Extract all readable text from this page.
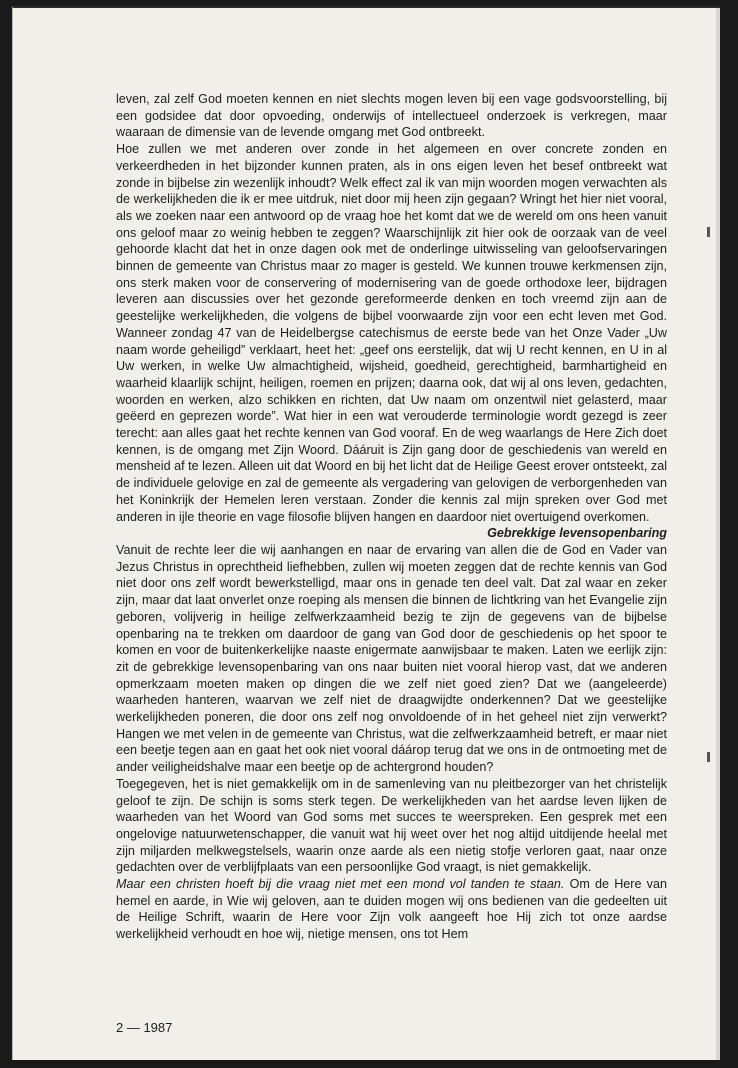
leven, zal zelf God moeten kennen en niet slechts mogen leven bij een vage godsvoorstelling, bij een godsidee dat door opvoeding, onderwijs of intellectueel onderzoek is verkregen, maar waaraan de dimensie van de levende omgang met God ontbreekt.

Hoe zullen we met anderen over zonde in het algemeen en over concrete zonden en verkeerdheden in het bijzonder kunnen praten, als in ons eigen leven het besef ontbreekt wat zonde in bijbelse zin wezenlijk inhoudt? Welk effect zal ik van mijn woorden mogen verwachten als de werkelijkheden die ik er mee uitdruk, niet door mij heen zijn gegaan? Wringt het hier niet vooral, als we zoeken naar een antwoord op de vraag hoe het komt dat we de wereld om ons heen vanuit ons geloof maar zo weinig hebben te zeggen? Waarschijnlijk zit hier ook de oorzaak van de veel gehoorde klacht dat het in onze dagen ook met de onderlinge uitwisseling van geloofservaringen binnen de gemeente van Christus maar zo mager is gesteld. We kunnen trouwe kerkmensen zijn, ons sterk maken voor de conservering of modernisering van de goede orthodoxe leer, bijdragen leveren aan discussies over het gezonde gereformeerde denken en toch vreemd zijn aan de geestelijke werkelijkheden, die volgens de bijbel voorwaarde zijn voor een echt leven met God. Wanneer zondag 47 van de Heidelbergse catechismus de eerste bede van het Onze Vader „Uw naam worde geheiligd” verklaart, heet het: „geef ons eerstelijk, dat wij U recht kennen, en U in al Uw werken, in welke Uw almachtigheid, wijsheid, goedheid, gerechtigheid, barmhartigheid en waarheid klaarlijk schijnt, heiligen, roemen en prijzen; daarna ook, dat wij al ons leven, gedachten, woorden en werken, alzo schikken en richten, dat Uw naam om onzentwil niet gelasterd, maar geëerd en geprezen worde”. Wat hier in een wat verouderde terminologie wordt gezegd is zeer terecht: aan alles gaat het rechte kennen van God vooraf. En de weg waarlangs de Here Zich doet kennen, is de omgang met Zijn Woord. Dááruit is Zijn gang door de geschiedenis van wereld en mensheid af te lezen. Alleen uit dat Woord en bij het licht dat de Heilige Geest erover ontsteekt, zal de individuele gelovige en zal de gemeente als vergadering van gelovigen de verborgenheden van het Koninkrijk der Hemelen leren verstaan. Zonder die kennis zal mijn spreken over God met anderen in ijle theorie en vage filosofie blijven hangen en daardoor niet overtuigend overkomen.

Gebrekkige levensopenbaring

Vanuit de rechte leer die wij aanhangen en naar de ervaring van allen die de God en Vader van Jezus Christus in oprechtheid liefhebben, zullen wij moeten zeggen dat de rechte kennis van God niet door ons zelf wordt bewerkstelligd, maar ons in genade ten deel valt. Dat zal waar en zeker zijn, maar dat laat onverlet onze roeping als mensen die binnen de lichtkring van het Evangelie zijn geboren, volijverig in heilige zelfwerkzaamheid bezig te zijn de gegevens van de bijbelse openbaring na te trekken om daardoor de gang van God door de geschiedenis op het spoor te komen en voor de buitenkerkelijke naaste enigermate aanwijsbaar te maken. Laten we eerlijk zijn: zit de gebrekkige levensopenbaring van ons naar buiten niet vooral hierop vast, dat we anderen opmerkzaam moeten maken op dingen die we zelf niet goed zien? Dat we (aangeleerde) waarheden hanteren, waarvan we zelf niet de draagwijdte onderkennen? Dat we geestelijke werkelijkheden poneren, die door ons zelf nog onvoldoende of in het geheel niet zijn verwerkt? Hangen we met velen in de gemeente van Christus, wat die zelfwerkzaamheid betreft, er maar niet een beetje tegen aan en gaat het ook niet vooral dáárop terug dat we ons in de ontmoeting met de ander veiligheidshalve maar een beetje op de achtergrond houden?

Toegegeven, het is niet gemakkelijk om in de samenleving van nu pleitbezorger van het christelijk geloof te zijn. De schijn is soms sterk tegen. De werkelijkheden van het aardse leven lijken de waarheden van het Woord van God soms met succes te weerspreken. Een gesprek met een ongelovige natuurwetenschapper, die vanuit wat hij weet over het nog altijd uitdijende heelal met zijn miljarden melkwegstelsels, waarin onze aarde als een nietig stofje verloren gaat, naar onze gedachten over de verblijfplaats van een persoonlijke God vraagt, is niet gemakkelijk.

Maar een christen hoeft bij die vraag niet met een mond vol tanden te staan. Om de Here van hemel en aarde, in Wie wij geloven, aan te duiden mogen wij ons bedienen van die gedeelten uit de Heilige Schrift, waarin de Here voor Zijn volk aangeeft hoe Hij zich tot onze aardse werkelijkheid verhoudt en hoe wij, nietige mensen, ons tot Hem

2 — 1987
